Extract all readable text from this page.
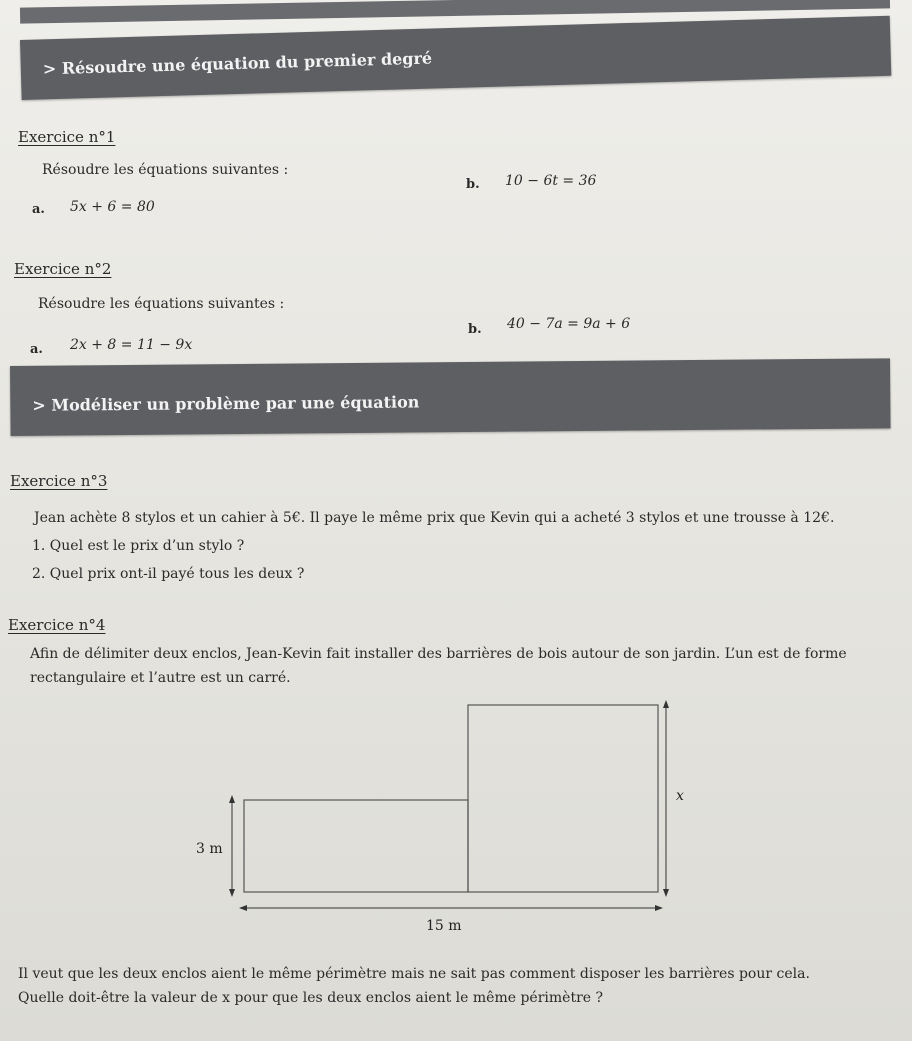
> Résoudre une équation du premier degré
Exercice n°1
Résoudre les équations suivantes :
a. 5x + 6 = 80
b. 10 − 6t = 36
Exercice n°2
Résoudre les équations suivantes :
a. 2x + 8 = 11 − 9x
b. 40 − 7a = 9a + 6
> Modéliser un problème par une équation
Exercice n°3
Jean achète 8 stylos et un cahier à 5€. Il paye le même prix que Kevin qui a acheté 3 stylos et une trousse à 12€.
1. Quel est le prix d’un stylo ?
2. Quel prix ont-il payé tous les deux ?
Exercice n°4
Afin de délimiter deux enclos, Jean-Kevin fait installer des barrières de bois autour de son jardin. L’un est de forme
rectangulaire et l’autre est un carré.
3 m
15 m
x
Il veut que les deux enclos aient le même périmètre mais ne sait pas comment disposer les barrières pour cela.
Quelle doit-être la valeur de x pour que les deux enclos aient le même périmètre ?
